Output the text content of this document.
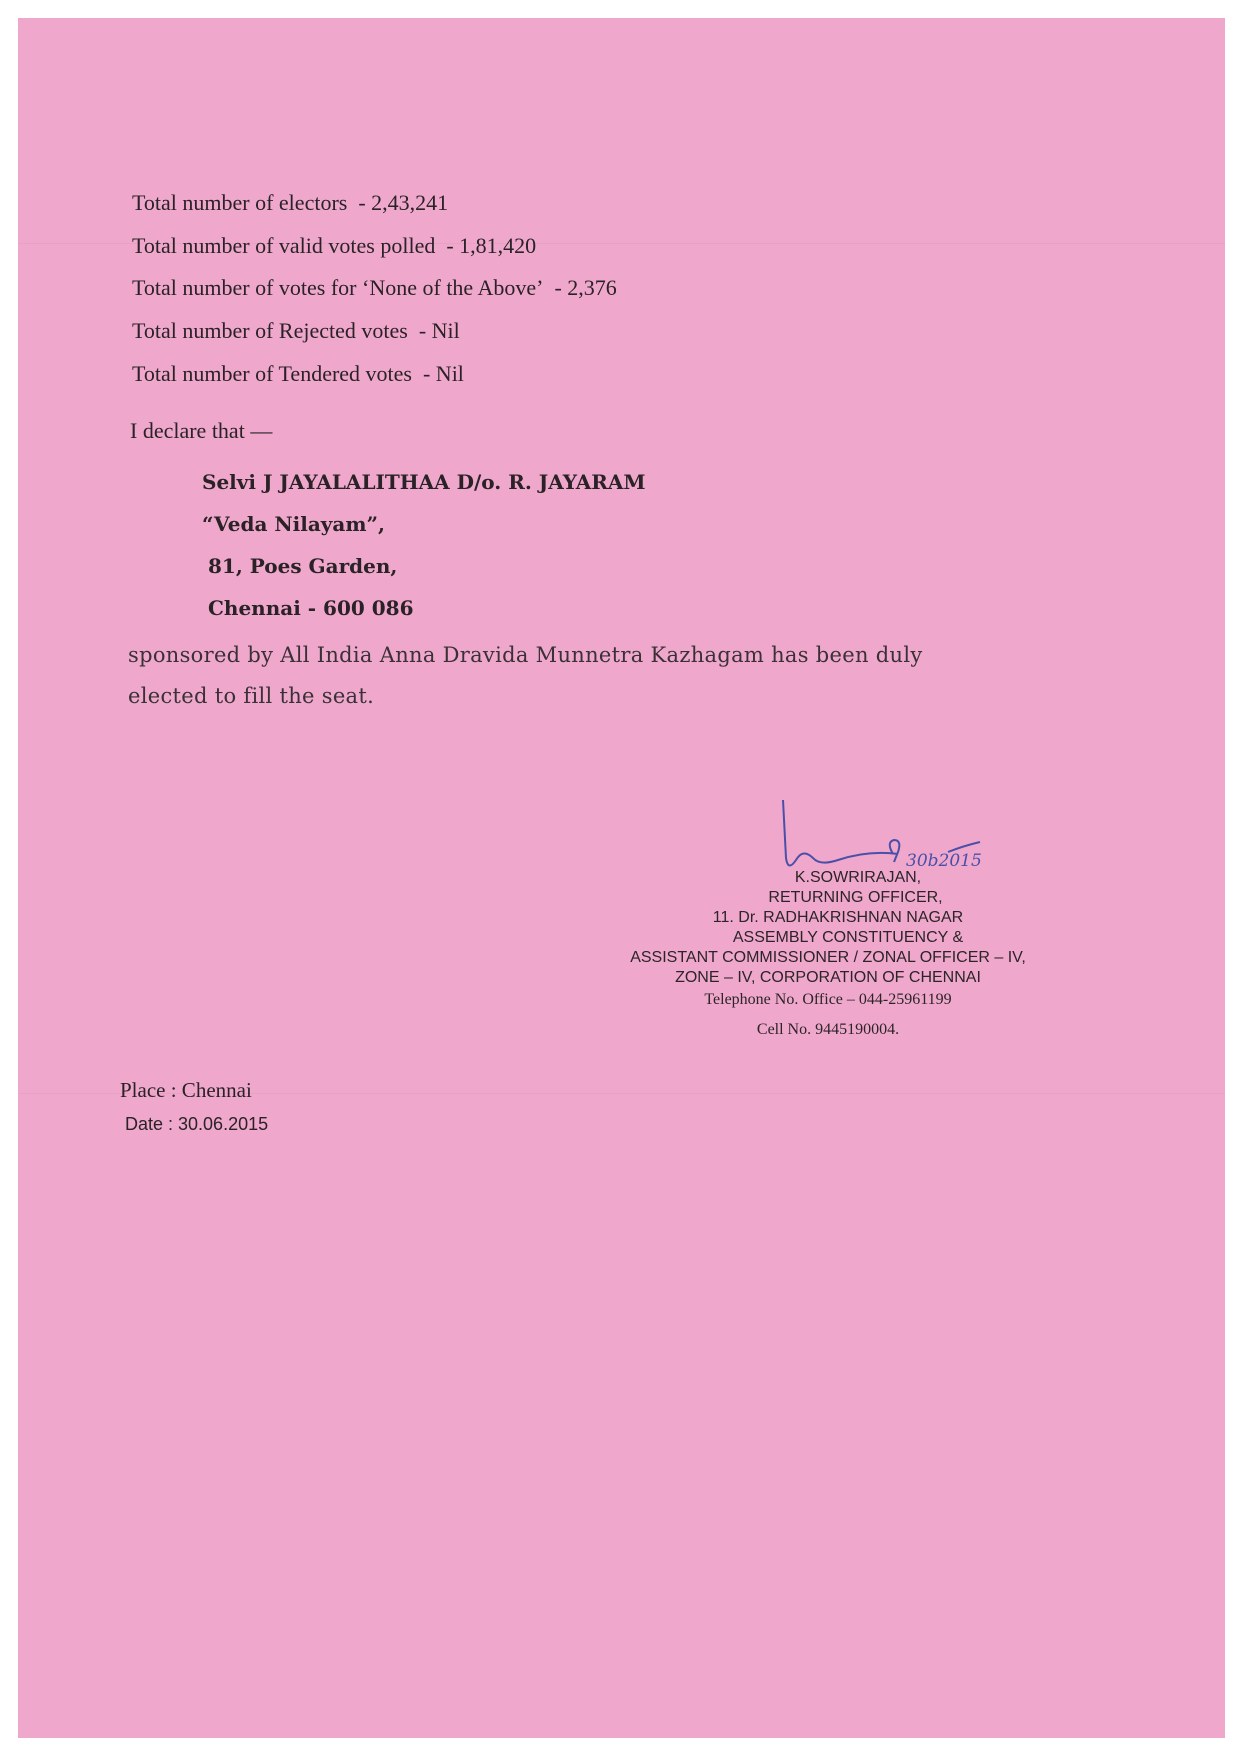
Total number of electors - 2,43,241
Total number of valid votes polled - 1,81,420
Total number of votes for ‘None of the Above’ - 2,376
Total number of Rejected votes - Nil
Total number of Tendered votes - Nil
I declare that —
Selvi J JAYALALITHAA D/o. R. JAYARAM
“Veda Nilayam”,
81, Poes Garden,
Chennai - 600 086
sponsored by All India Anna Dravida Munnetra Kazhagam has been duly
elected to fill the seat.
30b2015
K.SOWRIRAJAN,
RETURNING OFFICER,
11. Dr. RADHAKRISHNAN NAGAR
ASSEMBLY CONSTITUENCY &
ASSISTANT COMMISSIONER / ZONAL OFFICER – IV,
ZONE – IV, CORPORATION OF CHENNAI
Telephone No. Office – 044-25961199
Cell No. 9445190004.
Place : Chennai
Date : 30.06.2015
